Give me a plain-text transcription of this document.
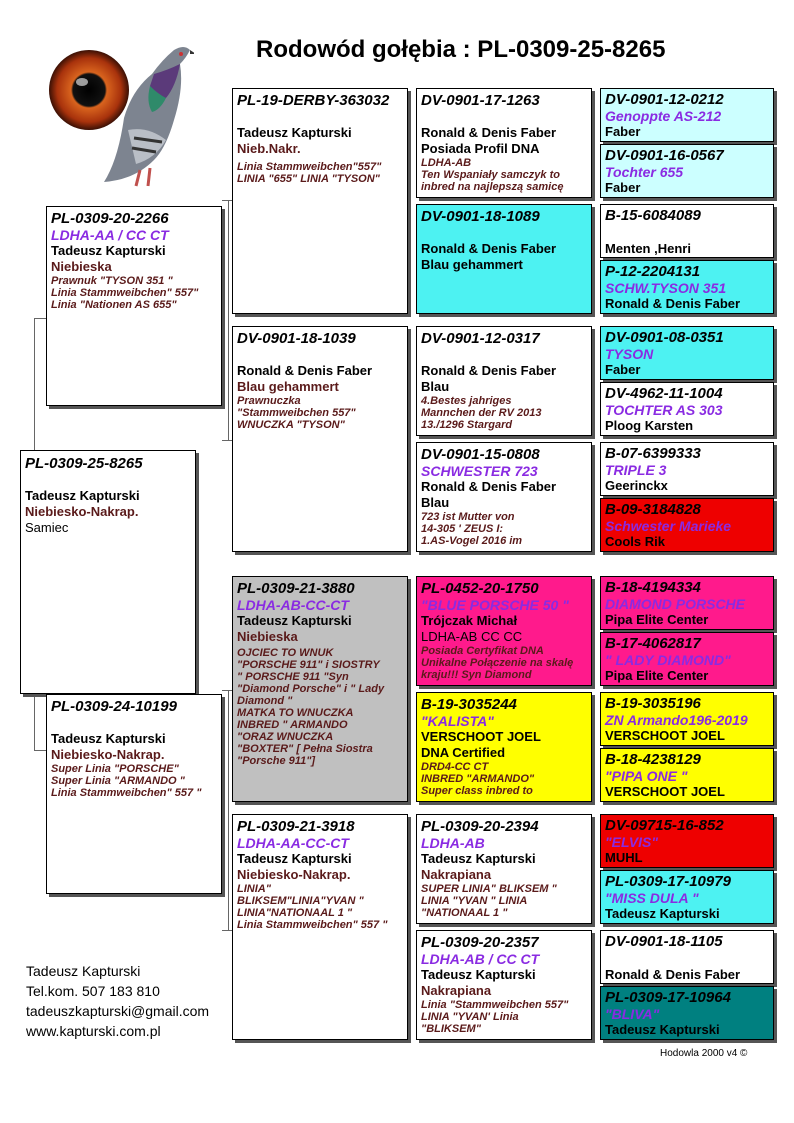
Rodowód gołębia : PL-0309-25-8265
PL-0309-25-8265
Tadeusz Kapturski
Niebiesko-Nakrap.
Samiec
PL-0309-20-2266
LDHA-AA / CC CT
Tadeusz Kapturski
Niebieska
Prawnuk "TYSON 351 "
Linia Stammweibchen" 557"
Linia "Nationen AS 655"
PL-0309-24-10199
Tadeusz Kapturski
Niebiesko-Nakrap.
Super Linia "PORSCHE"
Super Linia "ARMANDO "
Linia Stammweibchen" 557 "
PL-19-DERBY-363032
Tadeusz Kapturski
Nieb.Nakr.
Linia Stammweibchen"557"
LINIA "655" LINIA "TYSON"
DV-0901-18-1039
Ronald & Denis Faber
Blau gehammert
Prawnuczka
"Stammweibchen 557"
WNUCZKA "TYSON"
PL-0309-21-3880
LDHA-AB-CC-CT
Tadeusz Kapturski
Niebieska
OJCIEC TO WNUK
"PORSCHE 911" i SIOSTRY
" PORSCHE 911 "Syn
"Diamond Porsche" i " Lady
Diamond "
MATKA TO WNUCZKA
INBRED " ARMANDO
"ORAZ WNUCZKA
"BOXTER" [ Pełna Siostra
"Porsche 911"]
PL-0309-21-3918
LDHA-AA-CC-CT
Tadeusz Kapturski
Niebiesko-Nakrap.
LINIA"
BLIKSEM"LINIA"YVAN "
LINIA"NATIONAAL 1 "
Linia Stammweibchen" 557 "
DV-0901-17-1263
Ronald & Denis Faber
Posiada Profil DNA
LDHA-AB
Ten Wspaniały samczyk to
inbred na najlepszą samicę
DV-0901-18-1089
Ronald & Denis Faber
Blau gehammert
DV-0901-12-0317
Ronald & Denis Faber
Blau
4.Bestes jahriges
Mannchen der RV 2013
13./1296 Stargard
DV-0901-15-0808
SCHWESTER 723
Ronald & Denis Faber
Blau
723 ist Mutter von
14-305 ' ZEUS I:
1.AS-Vogel 2016 im
PL-0452-20-1750
"BLUE PORSCHE 50 "
Trójczak Michał
LDHA-AB CC CC
Posiada Certyfikat DNA
Unikalne Połączenie na skalę
kraju!!! Syn Diamond
B-19-3035244
"KALISTA"
VERSCHOOT JOEL
DNA Certified
DRD4-CC CT
INBRED "ARMANDO"
Super class inbred to
PL-0309-20-2394
LDHA-AB
Tadeusz Kapturski
Nakrapiana
SUPER LINIA" BLIKSEM "
LINIA "YVAN " LINIA
"NATIONAAL 1 "
PL-0309-20-2357
LDHA-AB / CC CT
Tadeusz Kapturski
Nakrapiana
Linia "Stammweibchen 557"
LINIA "YVAN' Linia
"BLIKSEM"
DV-0901-12-0212
Genoppte AS-212
Faber
DV-0901-16-0567
Tochter 655
Faber
B-15-6084089
Menten ,Henri
P-12-2204131
SCHW.TYSON 351
Ronald & Denis Faber
DV-0901-08-0351
TYSON
Faber
DV-4962-11-1004
TOCHTER AS 303
Ploog Karsten
B-07-6399333
TRIPLE 3
Geerinckx
B-09-3184828
Schwester Marieke
Cools Rik
B-18-4194334
DIAMOND PORSCHE
Pipa Elite Center
B-17-4062817
" LADY DIAMOND"
Pipa Elite Center
B-19-3035196
ZN Armando196-2019
VERSCHOOT JOEL
B-18-4238129
"PIPA ONE "
VERSCHOOT JOEL
DV-09715-16-852
"ELVIS"
MUHL
PL-0309-17-10979
"MISS DULA "
Tadeusz Kapturski
DV-0901-18-1105
Ronald & Denis Faber
PL-0309-17-10964
"BLIVA"
Tadeusz Kapturski
Tadeusz Kapturski
Tel.kom. 507 183 810
tadeuszkapturski@gmail.com
www.kapturski.com.pl
Hodowla 2000 v4 ©
